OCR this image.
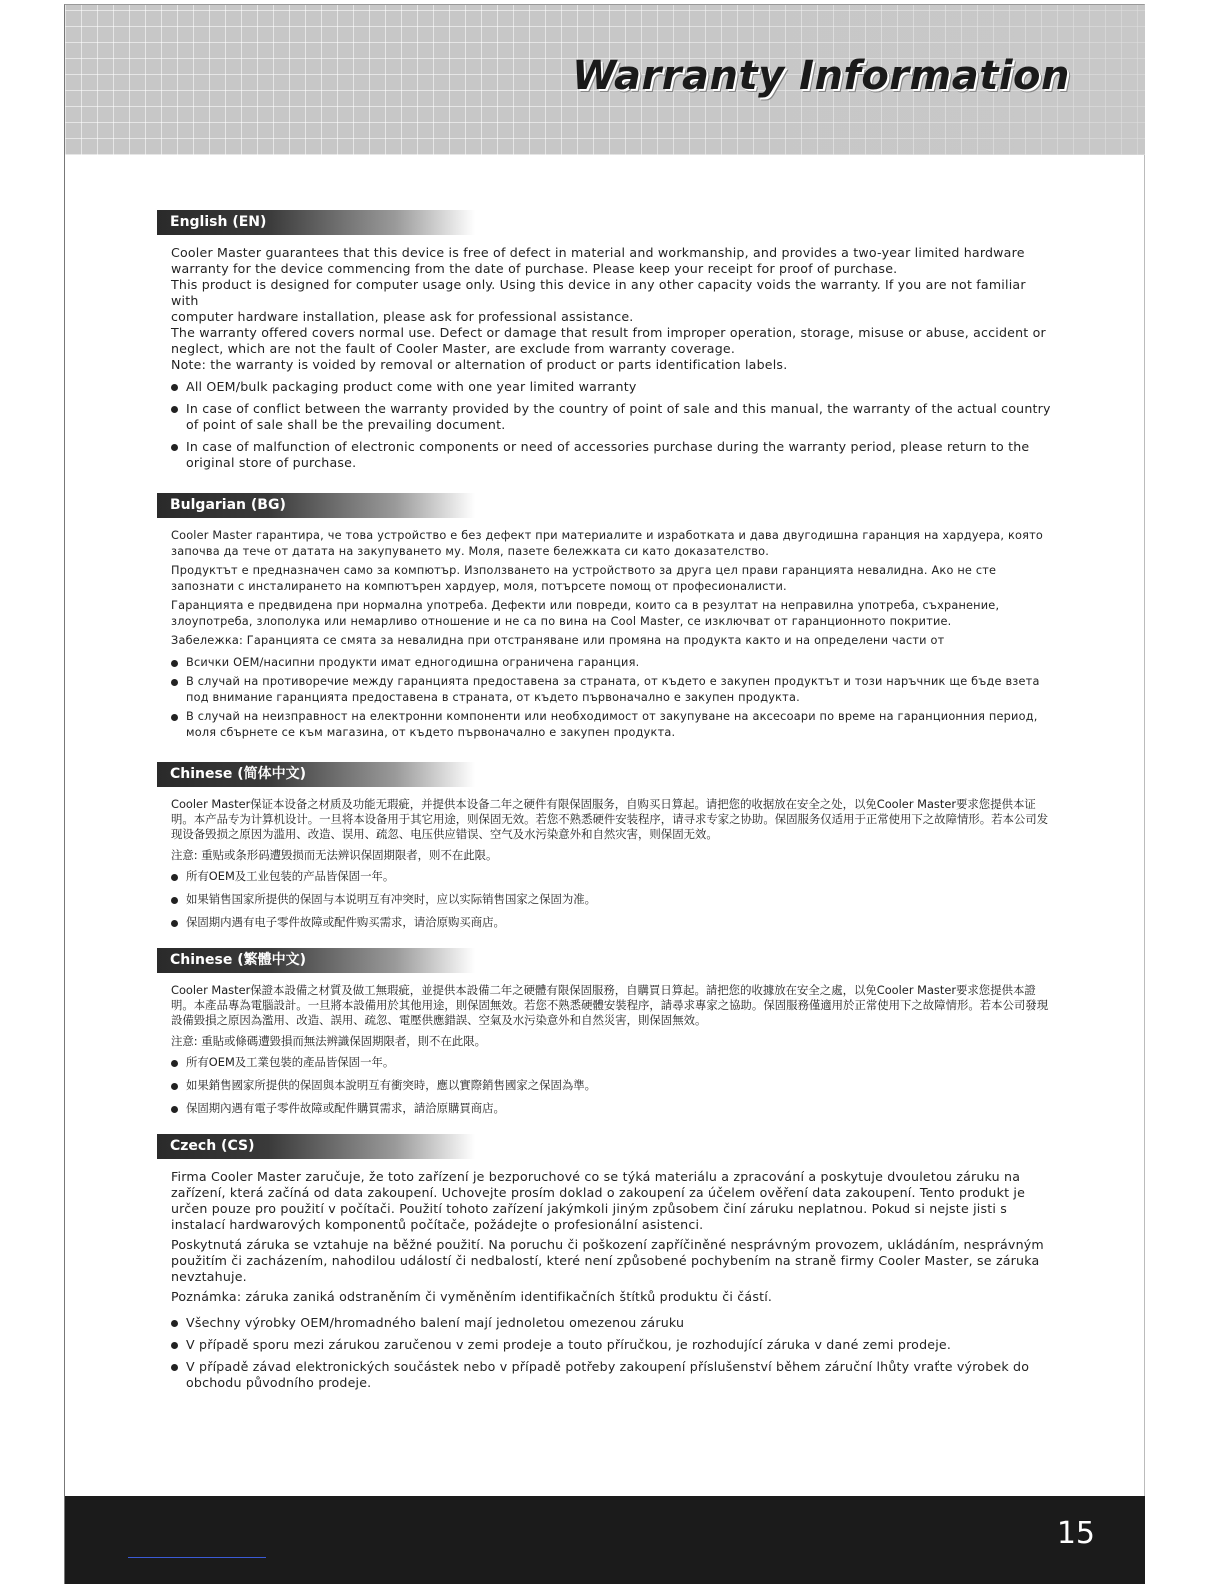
Warranty Information
English (EN)

Cooler Master guarantees that this device is free of defect in material and workmanship, and provides a two-year limited hardware warranty for the device commencing from the date of purchase. Please keep your receipt for proof of purchase.

This product is designed for computer usage only. Using this device in any other capacity voids the warranty. If you are not familiar with

computer hardware installation, please ask for professional assistance.

The warranty offered covers normal use. Defect or damage that result from improper operation, storage, misuse or abuse, accident or neglect, which are not the fault of Cooler Master, are exclude from warranty coverage.

Note: the warranty is voided by removal or alternation of product or parts identification labels.

All OEM/bulk packaging product come with one year limited warranty
In case of conflict between the warranty provided by the country of point of sale and this manual, the warranty of the actual country of point of sale shall be the prevailing document.
In case of malfunction of electronic components or need of accessories purchase during the warranty period, please return to the original store of purchase.
Bulgarian (BG)

Cooler Master гарантира, че това устройство е без дефект при материалите и изработката и дава двугодишна гаранция на хардуера, която започва да тече от датата на закупуването му. Моля, пазете бележката си като доказателство.

Продуктът е предназначен само за компютър. Използването на устройството за друга цел прави гаранцията невалидна. Ако не сте запознати с инсталирането на компютърен хардуер, моля, потърсете помощ от професионалисти.

Гаранцията е предвидена при нормална употреба. Дефекти или повреди, които са в резултат на неправилна употреба, съхранение, злоупотреба, злополука или немарливо отношение и не са по вина на Cool Master, се изключват от гаранционното покритие.

Забележка: Гаранцията се смята за невалидна при отстраняване или промяна на продукта както и на определени части от

Всички OEM/насипни продукти имат едногодишна ограничена гаранция.
В случай на противоречие между гаранцията предоставена за страната, от където е закупен продуктът и този наръчник ще бъде взета под внимание гаранцията предоставена в страната, от където първоначално е закупен продукта.
В случай на неизправност на електронни компоненти или необходимост от закупуване на аксесоари по време на гаранционния период, моля сбърнете се към магазина, от където първоначално е закупен продукта.
Chinese (简体中文)

Cooler Master保证本设备之材质及功能无瑕疵，并提供本设备二年之硬件有限保固服务，自购买日算起。请把您的收据放在安全之处，以免Cooler Master要求您提供本证明。本产品专为计算机设计。一旦将本设备用于其它用途，则保固无效。若您不熟悉硬件安装程序，请寻求专家之协助。保固服务仅适用于正常使用下之故障情形。若本公司发现设备毁损之原因为滥用、改造、误用、疏忽、电压供应错误、空气及水污染意外和自然灾害，则保固无效。

注意: 重贴或条形码遭毁损而无法辨识保固期限者，则不在此限。

所有OEM及工业包装的产品皆保固一年。
如果销售国家所提供的保固与本说明互有冲突时，应以实际销售国家之保固为准。
保固期内遇有电子零件故障或配件购买需求，请洽原购买商店。
Chinese (繁體中文)

Cooler Master保證本設備之材質及做工無瑕疵，並提供本設備二年之硬體有限保固服務，自購買日算起。請把您的收據放在安全之處，以免Cooler Master要求您提供本證明。本產品專為電腦設計。一旦將本設備用於其他用途，則保固無效。若您不熟悉硬體安裝程序，請尋求專家之協助。保固服務僅適用於正常使用下之故障情形。若本公司發現設備毀損之原因為濫用、改造、誤用、疏忽、電壓供應錯誤、空氣及水污染意外和自然災害，則保固無效。

注意: 重貼或條碼遭毀損而無法辨識保固期限者，則不在此限。

所有OEM及工業包裝的產品皆保固一年。
如果銷售國家所提供的保固與本說明互有衝突時，應以實際銷售國家之保固為準。
保固期內遇有電子零件故障或配件購買需求，請洽原購買商店。
Czech (CS)

Firma Cooler Master zaručuje, že toto zařízení je bezporuchové co se týká materiálu a zpracování a poskytuje dvouletou záruku na zařízení, která začíná od data zakoupení. Uchovejte prosím doklad o zakoupení za účelem ověření data zakoupení. Tento produkt je určen pouze pro použití v počítači. Použití tohoto zařízení jakýmkoli jiným způsobem činí záruku neplatnou. Pokud si nejste jisti s instalací hardwarových komponentů počítače, požádejte o profesionální asistenci.

Poskytnutá záruka se vztahuje na běžné použití. Na poruchu či poškození zapříčiněné nesprávným provozem, ukládáním, nesprávným použitím či zacházením, nahodilou událostí či nedbalostí, které není způsobené pochybením na straně firmy Cooler Master, se záruka nevztahuje.

Poznámka: záruka zaniká odstraněním či vyměněním identifikačních štítků produktu či částí.

Všechny výrobky OEM/hromadného balení mají jednoletou omezenou záruku
V případě sporu mezi zárukou zaručenou v zemi prodeje a touto příručkou, je rozhodující záruka v dané zemi prodeje.
V případě závad elektronických součástek nebo v případě potřeby zakoupení příslušenství během záruční lhůty vraťte výrobek do obchodu původního prodeje.
15
